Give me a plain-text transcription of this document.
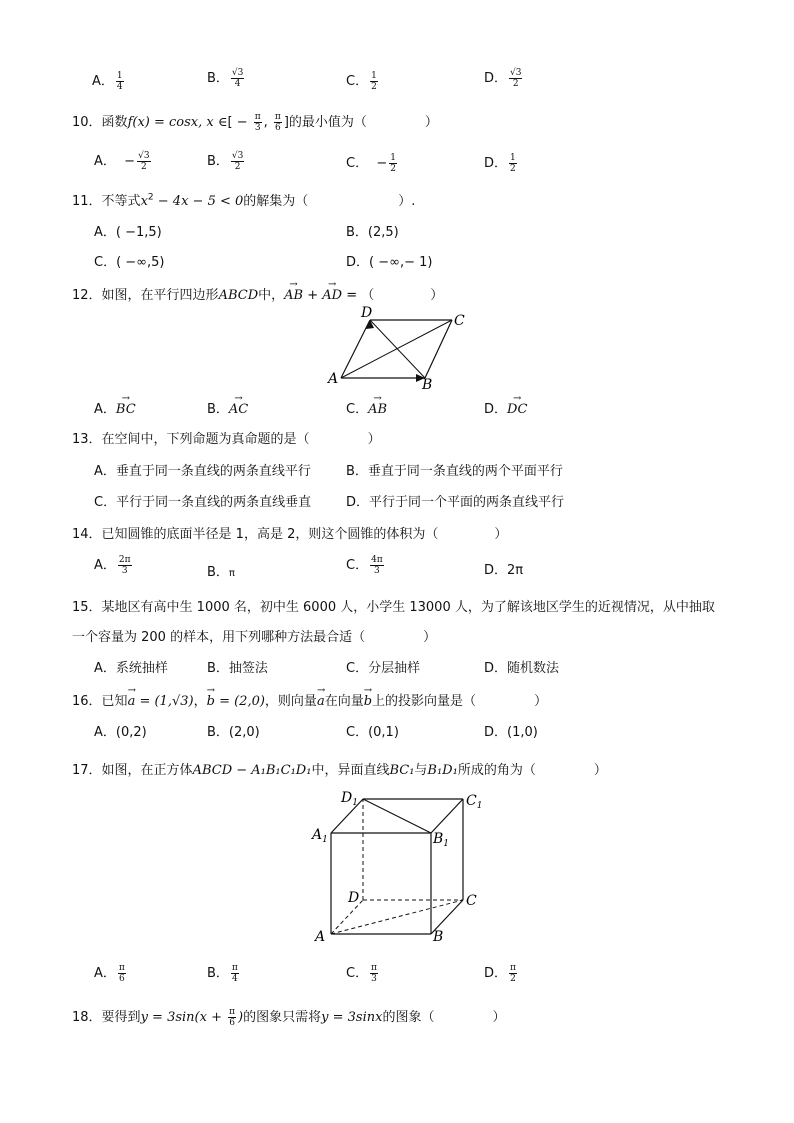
A． $\frac{1}{4}$	B． $\frac{√3}{4}$	C． $\frac{1}{2}$	D． $\frac{√3}{2}$
10．函数f(x) = cosx, x ∈[ − $\frac{\pi}{3}$ , $\frac{\pi}{6}$ ]的最小值为（	）
A． − $\frac{√3}{2}$	B． $\frac{√3}{2}$	C． − $\frac{1}{2}$	D． $\frac{1}{2}$
11．不等式$x^2 - 4x - 5 < 0$的解集为（	）.
A．( −1,5)	B．(2,5)
C．( −∞,5)	D．( −∞,− 1)
12．如图，在平行四边形ABCD中，→ AB + → AD = （	）
A	B
C
D
A．→ BC	B．→ AC	C．→ AB	D．→ DC
13．在空间中，下列命题为真命题的是（	）
A．垂直于同一条直线的两条直线平行	B．垂直于同一条直线的两个平面平行
C．平行于同一条直线的两条直线垂直	D．平行于同一个平面的两条直线平行
14．已知圆锥的底面半径是 1，高是 2，则这个圆锥的体积为（	）
A． $\frac{2\pi}{3}$	B．π
C． $\frac{4\pi}{3}$	D．2π
15．某地区有高中生 1000 名，初中生 6000 人，小学生 13000 人，为了解该地区学生的近视情况，从中抽取
一个容量为 200 的样本，用下列哪种方法最合适（	）
A．系统抽样	B．抽签法	C．分层抽样	D．随机数法
16．已知→ a = (1,√3)，→ b = (2,0)，则向量→ a在向量→ b上的投影向量是（	）
A．(0,2)	B．(2,0)	C．(0,1)	D．(1,0)
17．如图，在正方体ABCD − A₁B₁C₁D₁中，异面直线BC₁与B₁D₁所成的角为（	）
A	B
C
D
$A_1$	$B_1$
$C_1$
$D_1$
A． $\frac{\pi}{6}$	B． $\frac{\pi}{4}$	C． $\frac{\pi}{3}$	D． $\frac{\pi}{2}$
18．要得到$y = 3\sin(x + \frac{\pi}{6}$ )的图象只需将y = 3sinx的图象（	）
